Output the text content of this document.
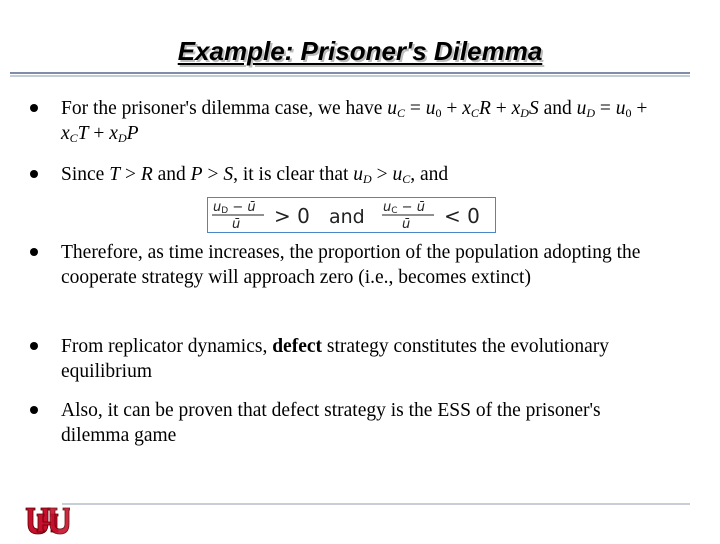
Example: Prisoner's Dilemma
For the prisoner's dilemma case, we have $u_C = u_0 + x_CR + x_DS$ and $u_D = u_0 + x_CT + x_DP$
Since T > R and P > S, it is clear that $u_D > u_C$, and
uD − ū
ū > 0 and uC − ū
ū < 0
Therefore, as time increases, the proportion of the population adopting the cooperate strategy will approach zero (i.e., becomes extinct)
From replicator dynamics, defect strategy constitutes the evolutionary equilibrium
Also, it can be proven that defect strategy is the ESS of the prisoner's dilemma game
